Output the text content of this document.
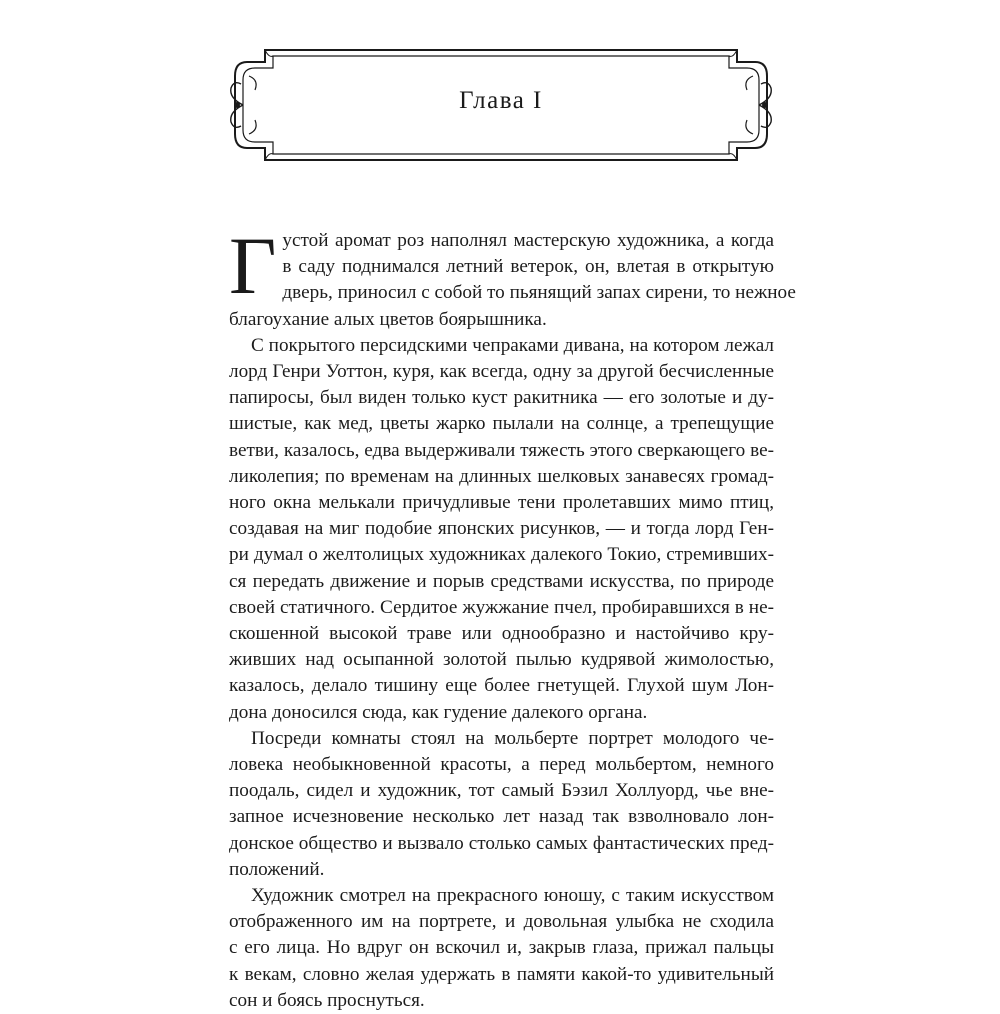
Глава I
Г устой аромат роз наполнял мастерскую художника, а когда
в саду поднимался летний ветерок, он, влетая в открытую
дверь, приносил с собой то пьянящий запах сирени, то нежное
благоухание алых цветов боярышника.
С покрытого персидскими чепраками дивана, на котором лежал
лорд Генри Уоттон, куря, как всегда, одну за другой бесчисленные
папиросы, был виден только куст ракитника — его золотые и ду-
шистые, как мед, цветы жарко пылали на солнце, а трепещущие
ветви, казалось, едва выдерживали тяжесть этого сверкающего ве-
ликолепия; по временам на длинных шелковых занавесях громад-
ного окна мелькали причудливые тени пролетавших мимо птиц,
создавая на миг подобие японских рисунков, — и тогда лорд Ген-
ри думал о желтолицых художниках далекого Токио, стремивших-
ся передать движение и порыв средствами искусства, по природе
своей статичного. Сердитое жужжание пчел, пробиравшихся в не-
скошенной высокой траве или однообразно и настойчиво кру-
живших над осыпанной золотой пылью кудрявой жимолостью,
казалось, делало тишину еще более гнетущей. Глухой шум Лон-
дона доносился сюда, как гудение далекого органа.
Посреди комнаты стоял на мольберте портрет молодого че-
ловека необыкновенной красоты, а перед мольбертом, немного
поодаль, сидел и художник, тот самый Бэзил Холлуорд, чье вне-
запное исчезновение несколько лет назад так взволновало лон-
донское общество и вызвало столько самых фантастических пред-
положений.
Художник смотрел на прекрасного юношу, с таким искусством
отображенного им на портрете, и довольная улыбка не сходила
с его лица. Но вдруг он вскочил и, закрыв глаза, прижал пальцы
к векам, словно желая удержать в памяти какой-то удивительный
сон и боясь проснуться.
